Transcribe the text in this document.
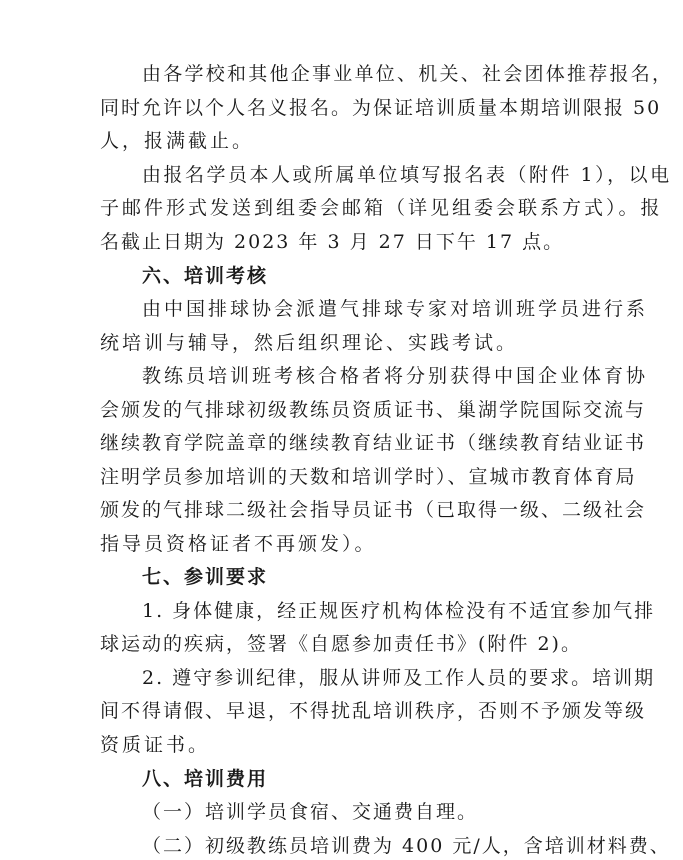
由各学校和其他企事业单位、机关、社会团体推荐报名，
同时允许以个人名义报名。为保证培训质量本期培训限报 50
人，报满截止。
由报名学员本人或所属单位填写报名表（附件 1），以电
子邮件形式发送到组委会邮箱（详见组委会联系方式）。报
名截止日期为 2023 年 3 月 27 日下午 17 点。
六、培训考核
由中国排球协会派遣气排球专家对培训班学员进行系
统培训与辅导，然后组织理论、实践考试。
教练员培训班考核合格者将分别获得中国企业体育协
会颁发的气排球初级教练员资质证书、巢湖学院国际交流与
继续教育学院盖章的继续教育结业证书（继续教育结业证书
注明学员参加培训的天数和培训学时）、宣城市教育体育局
颁发的气排球二级社会指导员证书（已取得一级、二级社会
指导员资格证者不再颁发）。
七、参训要求
1. 身体健康，经正规医疗机构体检没有不适宜参加气排
球运动的疾病，签署《自愿参加责任书》(附件 2)。
2. 遵守参训纪律，服从讲师及工作人员的要求。培训期
间不得请假、早退，不得扰乱培训秩序，否则不予颁发等级
资质证书。
八、培训费用
（一）培训学员食宿、交通费自理。
（二）初级教练员培训费为 400 元/人，含培训材料费、
